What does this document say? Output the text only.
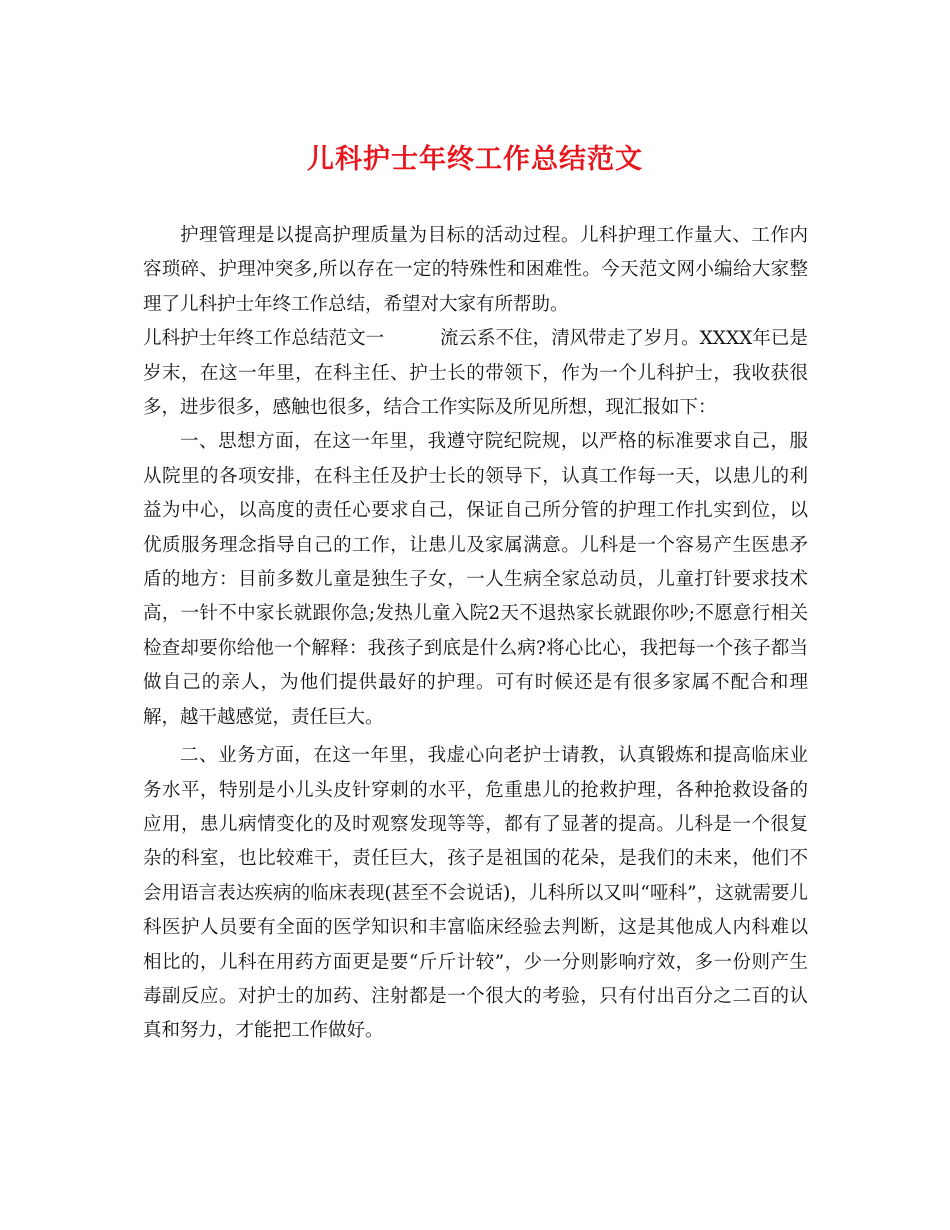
儿科护士年终工作总结范文

护理管理是以提高护理质量为目标的活动过程。儿科护理工作量大、工作内容琐碎、护理冲突多,所以存在一定的特殊性和困难性。今天范文网小编给大家整理了儿科护士年终工作总结，希望对大家有所帮助。

儿科护士年终工作总结范文一　　　	流云系不住，清风带走了岁月。XXXX年已是岁末，在这一年里，在科主任、护士长的带领下，作为一个儿科护士，我收获很多，进步很多，感触也很多，结合工作实际及所见所想，现汇报如下：

一、思想方面，在这一年里，我遵守院纪院规，以严格的标准要求自己，服从院里的各项安排，在科主任及护士长的领导下，认真工作每一天，以患儿的利益为中心，以高度的责任心要求自己，保证自己所分管的护理工作扎实到位，以优质服务理念指导自己的工作，让患儿及家属满意。儿科是一个容易产生医患矛盾的地方：目前多数儿童是独生子女，一人生病全家总动员，儿童打针要求技术高，一针不中家长就跟你急;发热儿童入院2天不退热家长就跟你吵;不愿意行相关检查却要你给他一个解释：我孩子到底是什么病?将心比心，我把每一个孩子都当做自己的亲人，为他们提供最好的护理。可有时候还是有很多家属不配合和理解，越干越感觉，责任巨大。

二、业务方面，在这一年里，我虚心向老护士请教，认真锻炼和提高临床业务水平，特别是小儿头皮针穿刺的水平，危重患儿的抢救护理，各种抢救设备的应用，患儿病情变化的及时观察发现等等，都有了显著的提高。儿科是一个很复杂的科室，也比较难干，责任巨大，孩子是祖国的花朵，是我们的未来，他们不会用语言表达疾病的临床表现(甚至不会说话)，儿科所以又叫“哑科”，这就需要儿科医护人员要有全面的医学知识和丰富临床经验去判断，这是其他成人内科难以相比的，儿科在用药方面更是要“斤斤计较”，少一分则影响疗效，多一份则产生毒副反应。对护士的加药、注射都是一个很大的考验，只有付出百分之二百的认真和努力，才能把工作做好。
